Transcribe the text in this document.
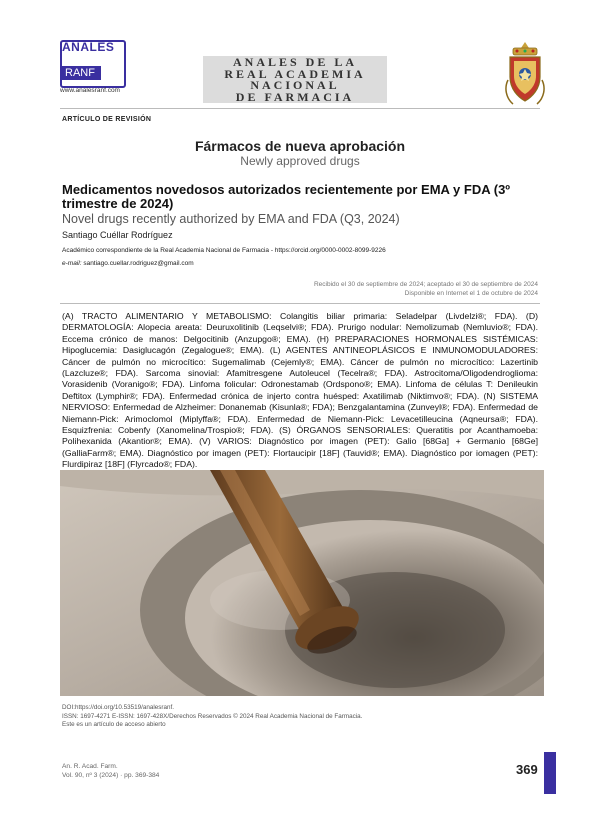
ANALES
RANF
www.analesranf.com
ANALES DE LA
REAL ACADEMIA
NACIONAL
DE FARMACIA
ARTÍCULO DE REVISIÓN
Fármacos de nueva aprobación
Newly approved drugs
Medicamentos novedosos autorizados recientemente por EMA y FDA (3º trimestre de 2024)
Novel drugs recently authorized by EMA and FDA (Q3, 2024)
Santiago Cuéllar Rodríguez
Académico correspondiente de la Real Academia Nacional de Farmacia - https://orcid.org/0000-0002-8099-9226
e-mail: santiago.cuellar.rodriguez@gmail.com
Recibido el 30 de septiembre de 2024; aceptado el 30 de septiembre de 2024
Disponible en Internet el 1 de octubre de 2024
(A) TRACTO ALIMENTARIO Y METABOLISMO: Colangitis biliar primaria: Seladelpar (Livdelzi®; FDA). (D) DERMATOLOGÍA: Alopecia areata: Deuruxolitinib (Leqselvi®; FDA). Prurigo nodular: Nemolizumab (Nemluvio®; FDA). Eccema crónico de manos: Delgocitinib (Anzupgo®; EMA). (H) PREPARACIONES HORMONALES SISTÉMICAS: Hipoglucemia: Dasiglucagón (Zegalogue®; EMA). (L) AGENTES ANTINEOPLÁSICOS E INMUNOMODULADORES: Cáncer de pulmón no microcítico: Sugemalimab (Cejemly®; EMA). Cáncer de pulmón no microcítico: Lazertinib (Lazcluze®; FDA). Sarcoma sinovial: Afamitresgene Autoleucel (Tecelra®; FDA). Astrocitoma/Oligodendroglioma: Vorasidenib (Voranigo®; FDA). Linfoma folicular: Odronestamab (Ordspono®; EMA). Linfoma de células T: Denileukin Deftitox (Lymphir®; FDA). Enfermedad crónica de injerto contra huésped: Axatilimab (Niktimvo®; FDA). (N) SISTEMA NERVIOSO: Enfermedad de Alzheimer: Donanemab (Kisunla®; FDA); Benzgalantamina (Zunveyl®; FDA). Enfermedad de Niemann-Pick: Arimoclomol (Miplyffa®; FDA). Enfermedad de Niemann-Pick: Levacetilleucina (Aqneursa®; FDA). Esquizfrenia: Cobenfy (Xanomelina/Trospio®; FDA). (S) ÓRGANOS SENSORIALES: Queratitis por Acanthamoeba: Polihexanida (Akantior®; EMA). (V) VARIOS: Diagnóstico por imagen (PET): Galio [68Ga] + Germanio [68Ge] (GalliaFarm®; EMA). Diagnóstico por imagen (PET): Flortaucipir [18F] (Tauvid®; EMA). Diagnóstico por iomagen (PET): Flurdipiraz [18F] (Flyrcado®; FDA).
DOI:https://doi.org/10.53519/analesranf.
ISSN: 1697-4271 E-ISSN: 1697-428X/Derechos Reservados © 2024 Real Academia Nacional de Farmacia.
Este es un artículo de acceso abierto
An. R. Acad. Farm.
Vol. 90, nº 3 (2024) · pp. 369-384	369
